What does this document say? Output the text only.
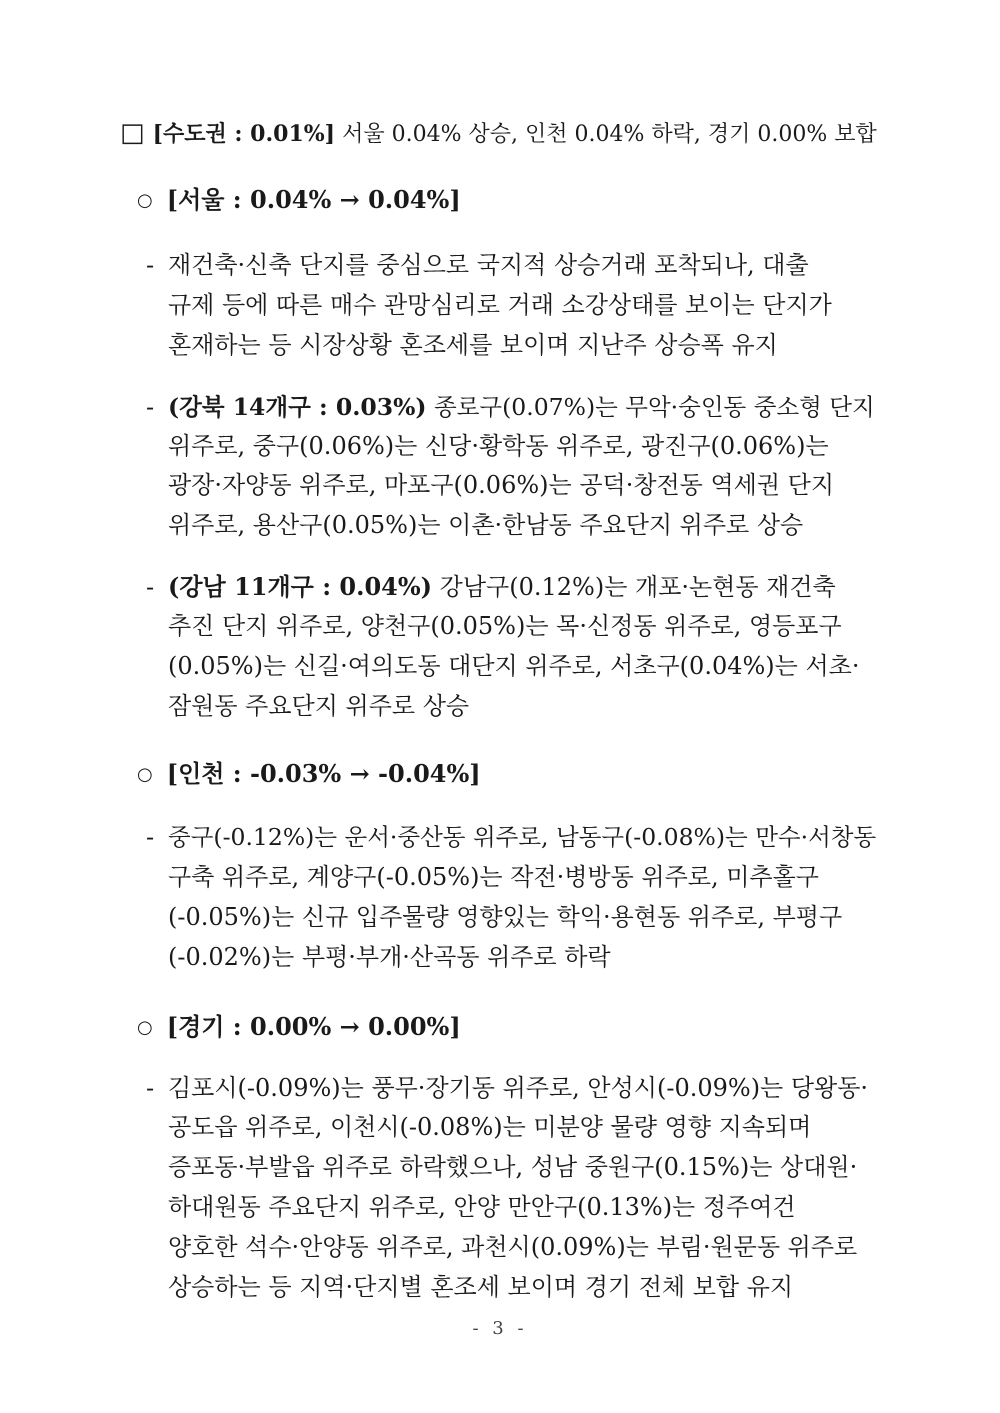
□ [수도권 : 0.01%] 서울 0.04% 상승, 인천 0.04% 하락, 경기 0.00% 보합
○ [서울 : 0.04% → 0.04%]
- 재건축·신축 단지를 중심으로 국지적 상승거래 포착되나, 대출
규제 등에 따른 매수 관망심리로 거래 소강상태를 보이는 단지가
혼재하는 등 시장상황 혼조세를 보이며 지난주 상승폭 유지
- (강북 14개구 : 0.03%) 종로구(0.07%)는 무악·숭인동 중소형 단지
위주로, 중구(0.06%)는 신당·황학동 위주로, 광진구(0.06%)는
광장·자양동 위주로, 마포구(0.06%)는 공덕·창전동 역세권 단지
위주로, 용산구(0.05%)는 이촌·한남동 주요단지 위주로 상승
- (강남 11개구 : 0.04%) 강남구(0.12%)는 개포·논현동 재건축
추진 단지 위주로, 양천구(0.05%)는 목·신정동 위주로, 영등포구
(0.05%)는 신길·여의도동 대단지 위주로, 서초구(0.04%)는 서초·
잠원동 주요단지 위주로 상승
○ [인천 : -0.03% → -0.04%]
- 중구(-0.12%)는 운서·중산동 위주로, 남동구(-0.08%)는 만수·서창동
구축 위주로, 계양구(-0.05%)는 작전·병방동 위주로, 미추홀구
(-0.05%)는 신규 입주물량 영향있는 학익·용현동 위주로, 부평구
(-0.02%)는 부평·부개·산곡동 위주로 하락
○ [경기 : 0.00% → 0.00%]
- 김포시(-0.09%)는 풍무·장기동 위주로, 안성시(-0.09%)는 당왕동·
공도읍 위주로, 이천시(-0.08%)는 미분양 물량 영향 지속되며
증포동·부발읍 위주로 하락했으나, 성남 중원구(0.15%)는 상대원·
하대원동 주요단지 위주로, 안양 만안구(0.13%)는 정주여건
양호한 석수·안양동 위주로, 과천시(0.09%)는 부림·원문동 위주로
상승하는 등 지역·단지별 혼조세 보이며 경기 전체 보합 유지
- 3 -
